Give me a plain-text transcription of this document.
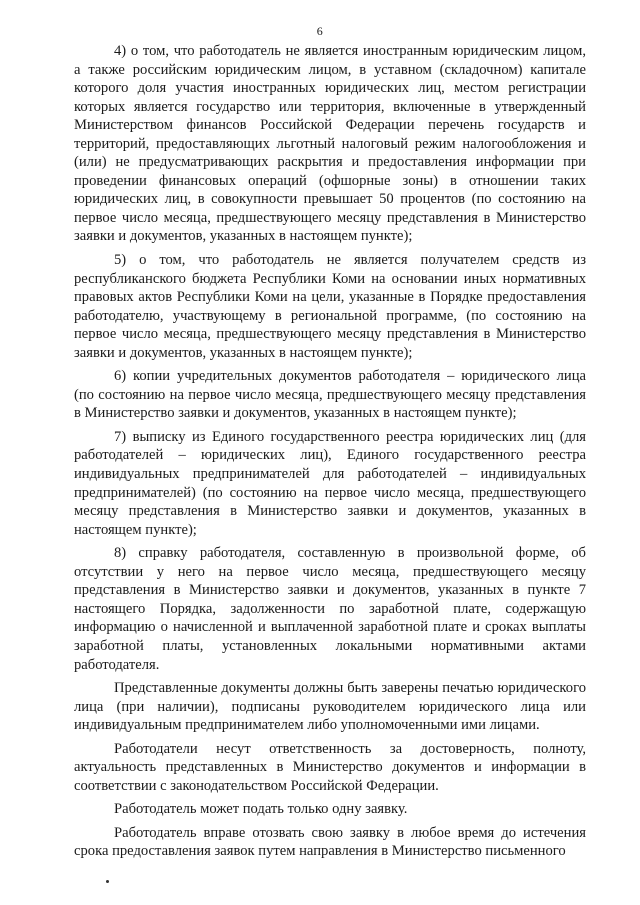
6

4) о том, что работодатель не является иностранным юридическим лицом, а также российским юридическим лицом, в уставном (складочном) капитале которого доля участия иностранных юридических лиц, местом регистрации которых является государство или территория, включенные в утвержденный Министерством финансов Российской Федерации перечень государств и территорий, предоставляющих льготный налоговый режим налогообложения и (или) не предусматривающих раскрытия и предоставления информации при проведении финансовых операций (офшорные зоны) в отношении таких юридических лиц, в совокупности превышает 50 процентов (по состоянию на первое число месяца, предшествующего месяцу представления в Министерство заявки и документов, указанных в настоящем пункте);

5) о том, что работодатель не является получателем средств из республиканского бюджета Республики Коми на основании иных нормативных правовых актов Республики Коми на цели, указанные в Порядке предоставления работодателю, участвующему в региональной программе, (по состоянию на первое число месяца, предшествующего месяцу представления в Министерство заявки и документов, указанных в настоящем пункте);

6) копии учредительных документов работодателя – юридического лица (по состоянию на первое число месяца, предшествующего месяцу представления в Министерство заявки и документов, указанных в настоящем пункте);

7) выписку из Единого государственного реестра юридических лиц (для работодателей – юридических лиц), Единого государственного реестра индивидуальных предпринимателей для работодателей – индивидуальных предпринимателей) (по состоянию на первое число месяца, предшествующего месяцу представления в Министерство заявки и документов, указанных в настоящем пункте);

8) справку работодателя, составленную в произвольной форме, об отсутствии у него на первое число месяца, предшествующего месяцу представления в Министерство заявки и документов, указанных в пункте 7 настоящего Порядка, задолженности по заработной плате, содержащую информацию о начисленной и выплаченной заработной плате и сроках выплаты заработной платы, установленных локальными нормативными актами работодателя.

Представленные документы должны быть заверены печатью юридического лица (при наличии), подписаны руководителем юридического лица или индивидуальным предпринимателем либо уполномоченными ими лицами.

Работодатели несут ответственность за достоверность, полноту, актуальность представленных в Министерство документов и информации в соответствии с законодательством Российской Федерации.

Работодатель может подать только одну заявку.

Работодатель вправе отозвать свою заявку в любое время до истечения срока предоставления заявок путем направления в Министерство письменного
